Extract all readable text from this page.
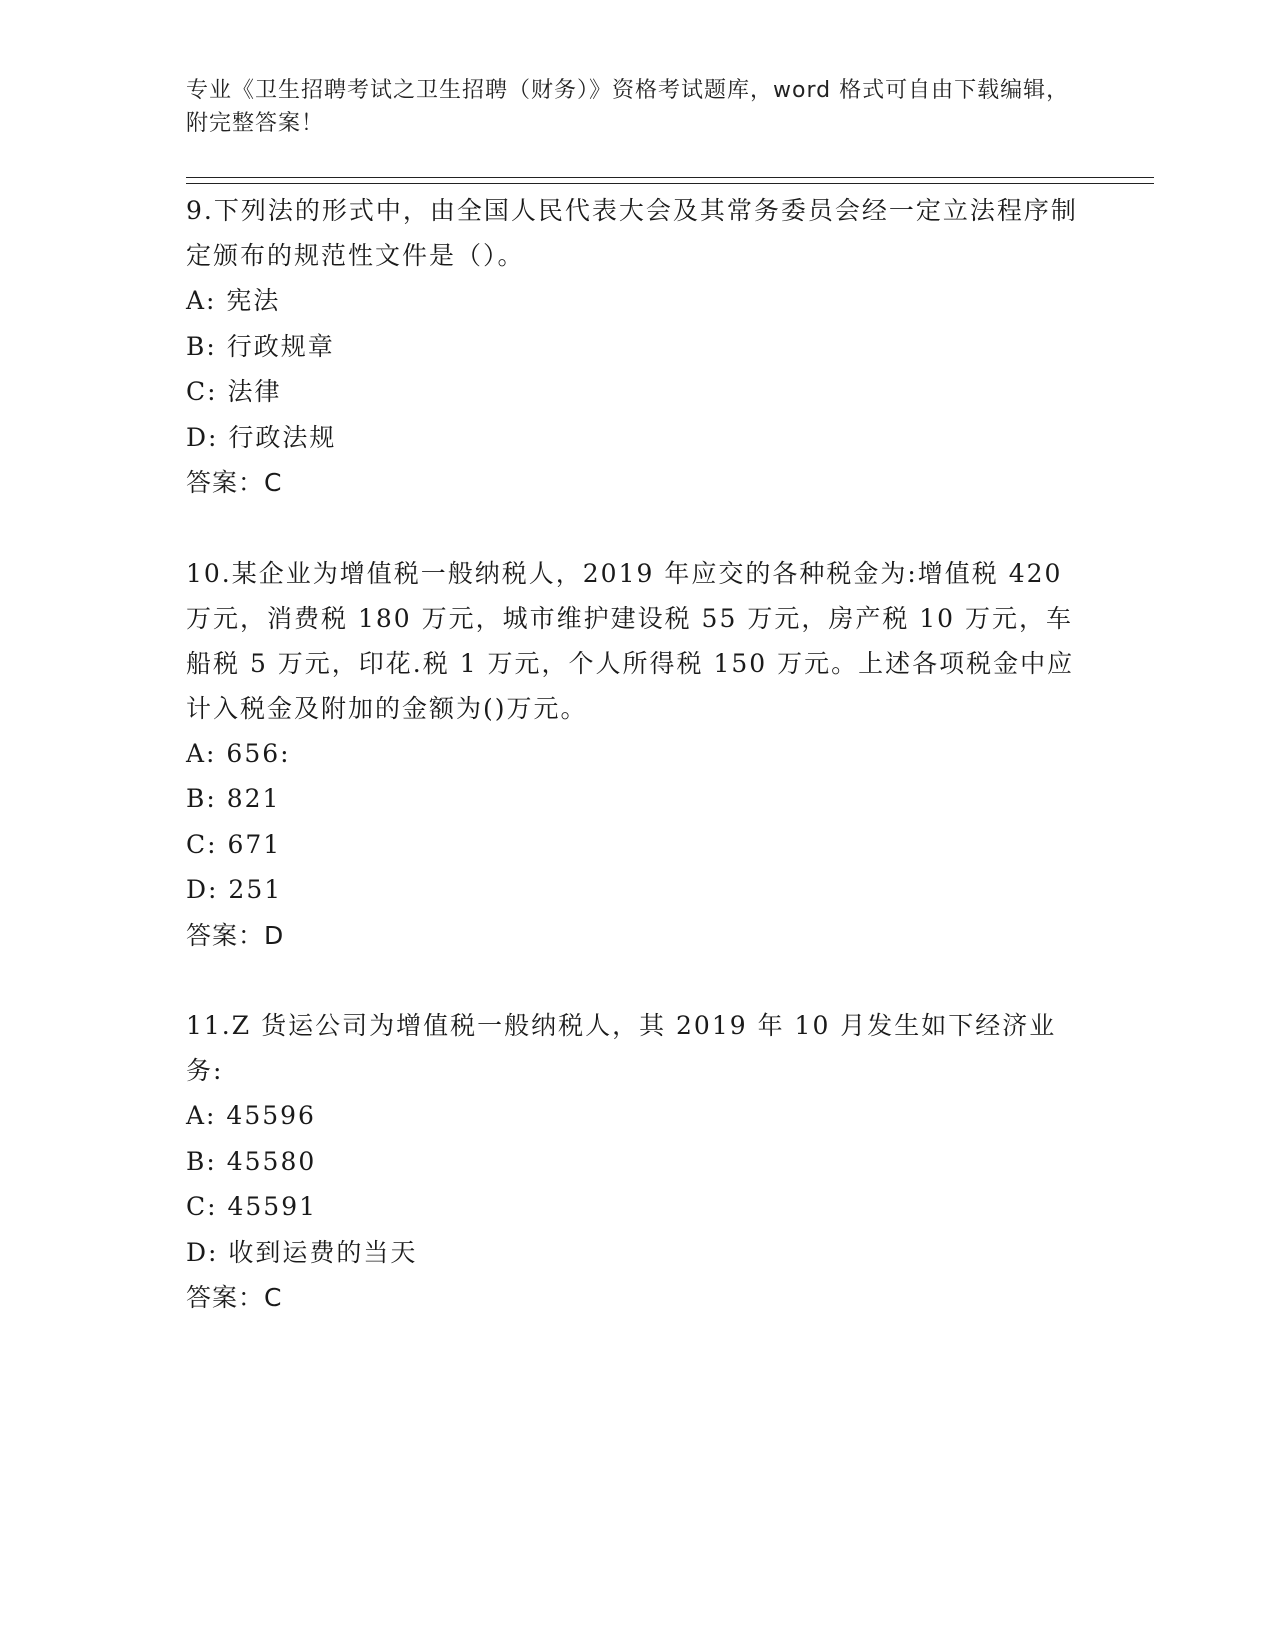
专业《卫生招聘考试之卫生招聘（财务）》资格考试题库，word 格式可自由下载编辑，附完整答案！

9.下列法的形式中，由全国人民代表大会及其常务委员会经一定立法程序制定颁布的规范性文件是（）。

A: 宪法

B: 行政规章

C: 法律

D: 行政法规

答案：C

10.某企业为增值税一般纳税人，2019 年应交的各种税金为:增值税 420 万元，消费税 180 万元，城市维护建设税 55 万元，房产税 10 万元，车船税 5 万元，印花.税 1 万元，个人所得税 150 万元。上述各项税金中应计入税金及附加的金额为()万元。

A: 656:

B: 821

C: 671

D: 251

答案：D

11.Z 货运公司为增值税一般纳税人，其 2019 年 10 月发生如下经济业务:

A: 45596

B: 45580

C: 45591

D: 收到运费的当天

答案：C
